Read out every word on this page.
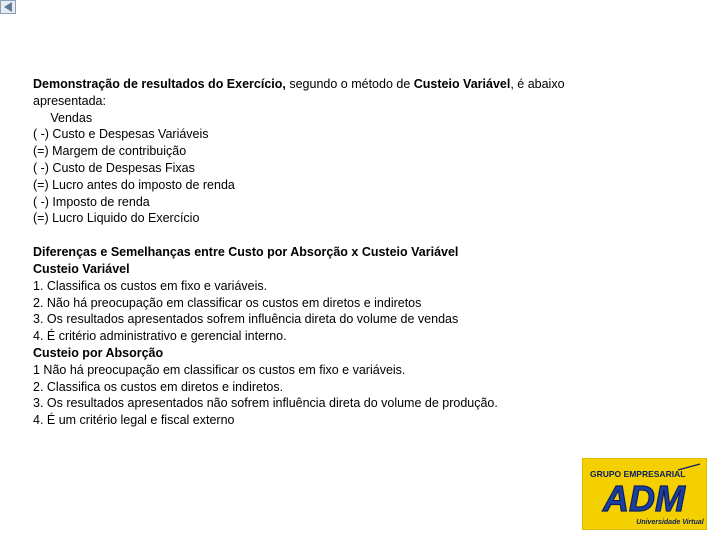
Demonstração de resultados do Exercício, segundo o método de Custeio Variável, é abaixo
apresentada:
Vendas
( -) Custo e Despesas Variáveis
(=) Margem de contribuição
( -) Custo de Despesas Fixas
(=) Lucro antes do imposto de renda
( -) Imposto de renda
(=) Lucro Liquido do Exercício
Diferenças e Semelhanças entre Custo por Absorção x Custeio Variável
Custeio Variável
1. Classifica os custos em fixo e variáveis.
2. Não há preocupação em classificar os custos em diretos e indiretos
3. Os resultados apresentados sofrem influência direta do volume de vendas
4. É critério administrativo e gerencial interno.
Custeio por Absorção
1 Não há preocupação em classificar os custos em fixo e variáveis.
2. Classifica os custos em diretos e indiretos.
3. Os resultados apresentados não sofrem influência direta do volume de produção.
4. É um critério legal e fiscal externo
GRUPO EMPRESARIAL
ADM
Universidade Virtual
